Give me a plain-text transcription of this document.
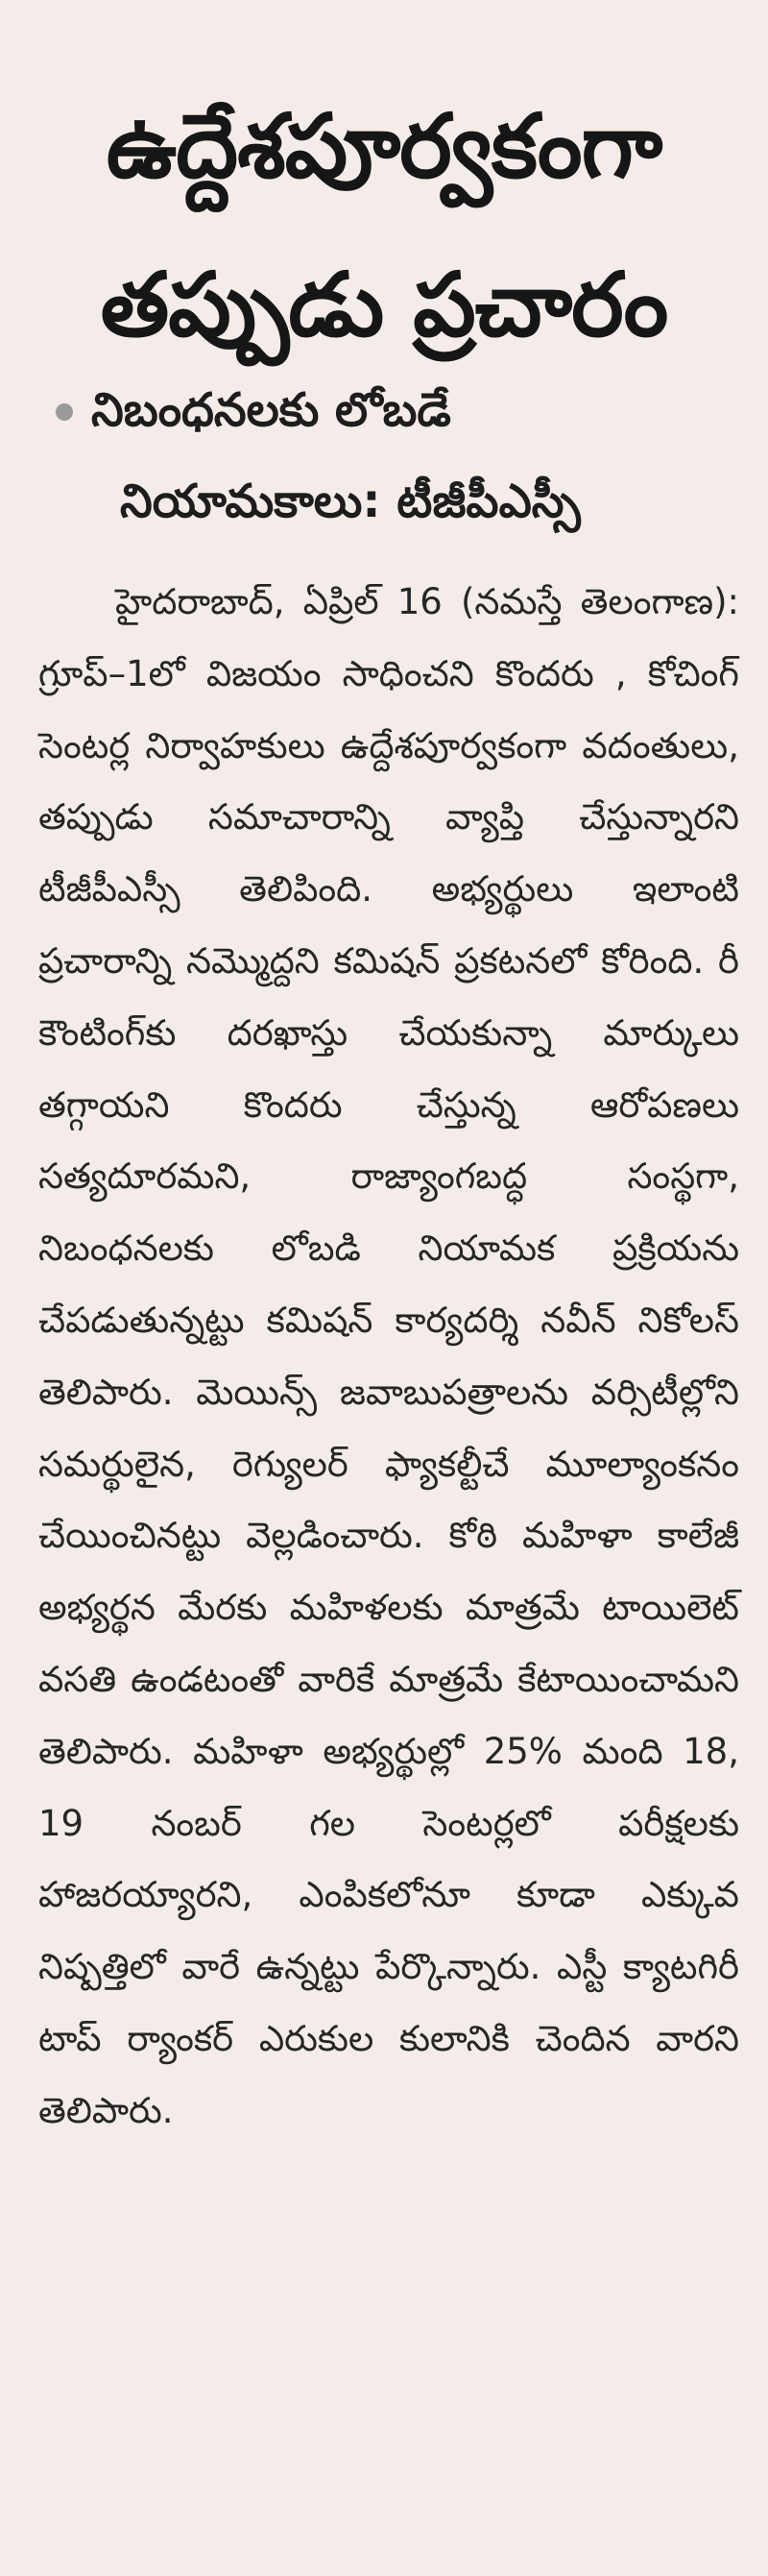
ఉద్దేశపూర్వకంగా
తప్పుడు ప్రచారం
నిబంధనలకు లోబడే
నియామకాలు: టీజీపీఎస్సీ
హైదరాబాద్, ఏప్రిల్ 16 (నమస్తే తెలంగాణ): గ్రూప్–1లో విజయం సాధించని కొందరు , కోచింగ్ సెంటర్ల నిర్వాహకులు ఉద్దేశపూర్వకంగా వదంతులు, తప్పుడు సమాచారాన్ని వ్యాప్తి చేస్తున్నారని టీజీపీఎస్సీ తెలిపింది. అభ్యర్థులు ఇలాంటి ప్రచారాన్ని నమ్మొద్దని కమిషన్ ప్రకటనలో కోరింది. రీ కౌంటింగ్‌కు దరఖాస్తు చేయకున్నా మార్కులు తగ్గాయని కొందరు చేస్తున్న ఆరోపణలు సత్యదూరమని, రాజ్యాంగబద్ధ సంస్థగా, నిబంధనలకు లోబడి నియామక ప్రక్రియను చేపడుతున్నట్టు కమిషన్ కార్యదర్శి నవీన్ నికోలస్ తెలిపారు. మెయిన్స్ జవాబుపత్రాలను వర్సిటీల్లోని సమర్థులైన, రెగ్యులర్ ఫ్యాకల్టీచే మూల్యాంకనం చేయించినట్టు వెల్లడించారు. కోఠి మహిళా కాలేజీ అభ్యర్థన మేరకు మహిళలకు మాత్రమే టాయిలెట్ వసతి ఉండటంతో వారికే మాత్రమే కేటాయించామని తెలిపారు. మహిళా అభ్యర్థుల్లో 25% మంది 18, 19 నంబర్ గల సెంటర్లలో పరీక్షలకు హాజరయ్యారని, ఎంపికలోనూ కూడా ఎక్కువ నిష్పత్తిలో వారే ఉన్నట్టు పేర్కొన్నారు. ఎస్టీ క్యాటగిరీ టాప్ ర్యాంకర్ ఎరుకుల కులానికి చెందిన వారని తెలిపారు.
